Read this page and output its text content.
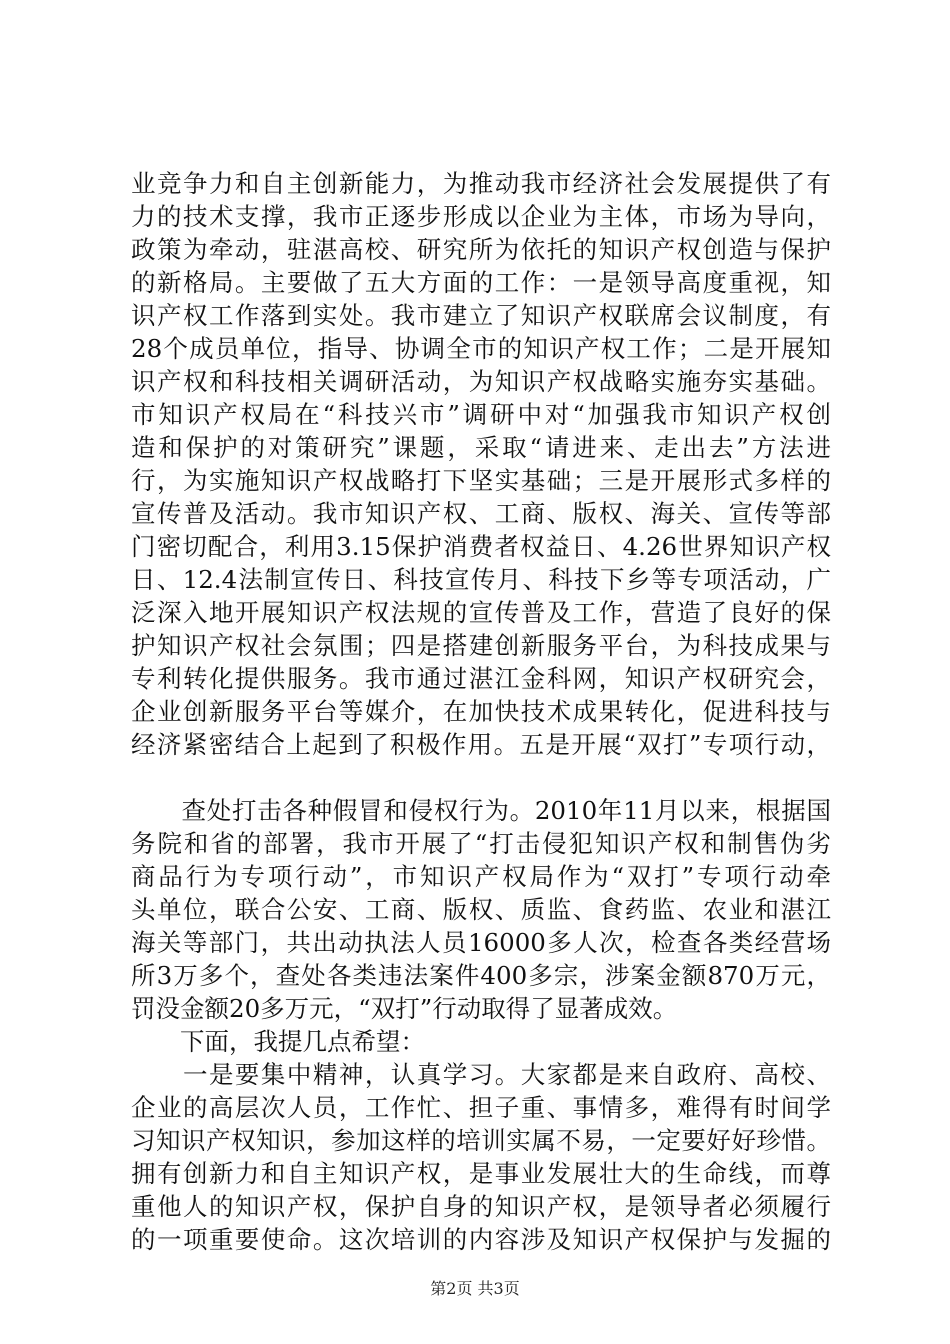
业竞争力和自主创新能力，为推动我市经济社会发展提供了有
力的技术支撑，我市正逐步形成以企业为主体，市场为导向，
政策为牵动，驻湛高校、研究所为依托的知识产权创造与保护
的新格局。主要做了五大方面的工作：一是领导高度重视，知
识产权工作落到实处。我市建立了知识产权联席会议制度，有
28个成员单位，指导、协调全市的知识产权工作；二是开展知
识产权和科技相关调研活动，为知识产权战略实施夯实基础。
市知识产权局在“科技兴市”调研中对“加强我市知识产权创
造和保护的对策研究”课题，采取“请进来、走出去”方法进
行，为实施知识产权战略打下坚实基础；三是开展形式多样的
宣传普及活动。我市知识产权、工商、版权、海关、宣传等部
门密切配合，利用3.15保护消费者权益日、4.26世界知识产权
日、12.4法制宣传日、科技宣传月、科技下乡等专项活动，广
泛深入地开展知识产权法规的宣传普及工作，营造了良好的保
护知识产权社会氛围；四是搭建创新服务平台，为科技成果与
专利转化提供服务。我市通过湛江金科网，知识产权研究会，
企业创新服务平台等媒介，在加快技术成果转化，促进科技与
经济紧密结合上起到了积极作用。五是开展“双打”专项行动，
　　查处打击各种假冒和侵权行为。2010年11月以来，根据国
务院和省的部署，我市开展了“打击侵犯知识产权和制售伪劣
商品行为专项行动”，市知识产权局作为“双打”专项行动牵
头单位，联合公安、工商、版权、质监、食药监、农业和湛江
海关等部门，共出动执法人员16000多人次，检查各类经营场
所3万多个，查处各类违法案件400多宗，涉案金额870万元，
罚没金额20多万元，“双打”行动取得了显著成效。
　　下面，我提几点希望：
　　一是要集中精神，认真学习。大家都是来自政府、高校、
企业的高层次人员，工作忙、担子重、事情多，难得有时间学
习知识产权知识，参加这样的培训实属不易，一定要好好珍惜。
拥有创新力和自主知识产权，是事业发展壮大的生命线，而尊
重他人的知识产权，保护自身的知识产权，是领导者必须履行
的一项重要使命。这次培训的内容涉及知识产权保护与发掘的
第2页 共3页
